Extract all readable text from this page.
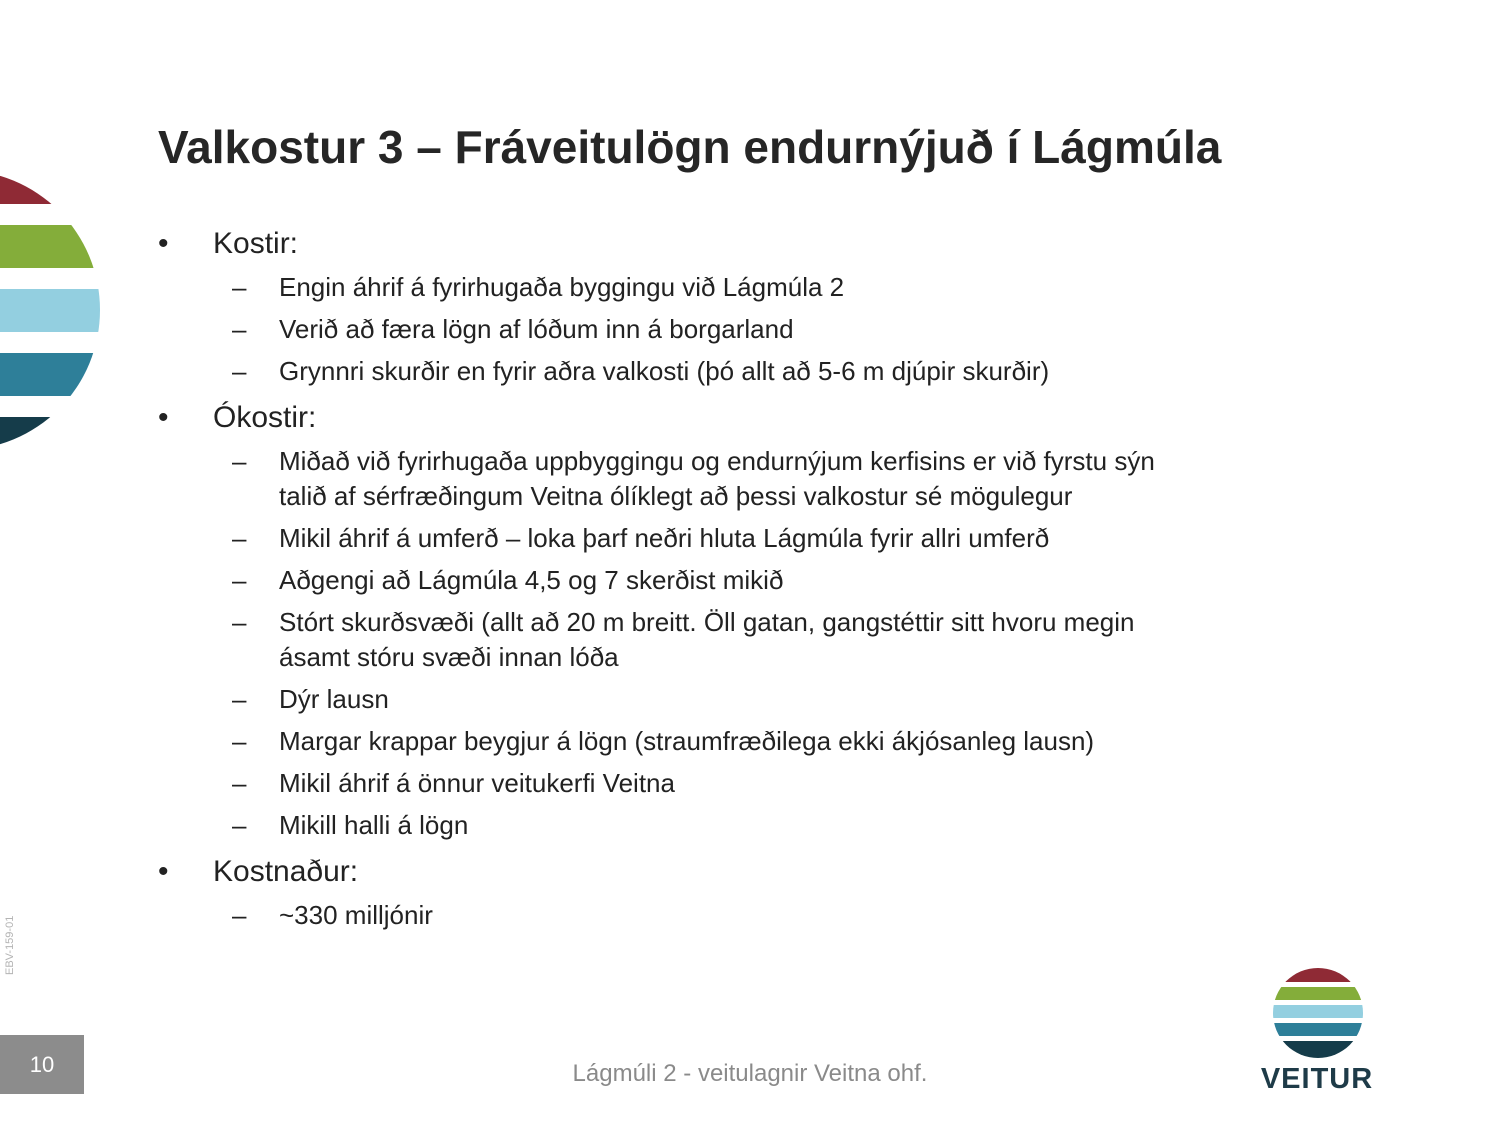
Valkostur 3 – Fráveitulögn endurnýjuð í Lágmúla
• Kostir:
– Engin áhrif á fyrirhugaða byggingu við Lágmúla 2
– Verið að færa lögn af lóðum inn á borgarland
– Grynnri skurðir en fyrir aðra valkosti (þó allt að 5-6 m djúpir skurðir)
• Ókostir:
– Miðað við fyrirhugaða uppbyggingu og endurnýjum kerfisins er við fyrstu sýn talið af sérfræðingum Veitna ólíklegt að þessi valkostur sé mögulegur
– Mikil áhrif á umferð – loka þarf neðri hluta Lágmúla fyrir allri umferð
– Aðgengi að Lágmúla 4,5 og 7 skerðist mikið
– Stórt skurðsvæði (allt að 20 m breitt. Öll gatan, gangstéttir sitt hvoru megin ásamt stóru svæði innan lóða
– Dýr lausn
– Margar krappar beygjur á lögn (straumfræðilega ekki ákjósanleg lausn)
– Mikil áhrif á önnur veitukerfi Veitna
– Mikill halli á lögn
• Kostnaður:
– ~330 milljónir
EBV-159-01
10	Lágmúli 2 - veitulagnir Veitna ohf.	VEITUR
